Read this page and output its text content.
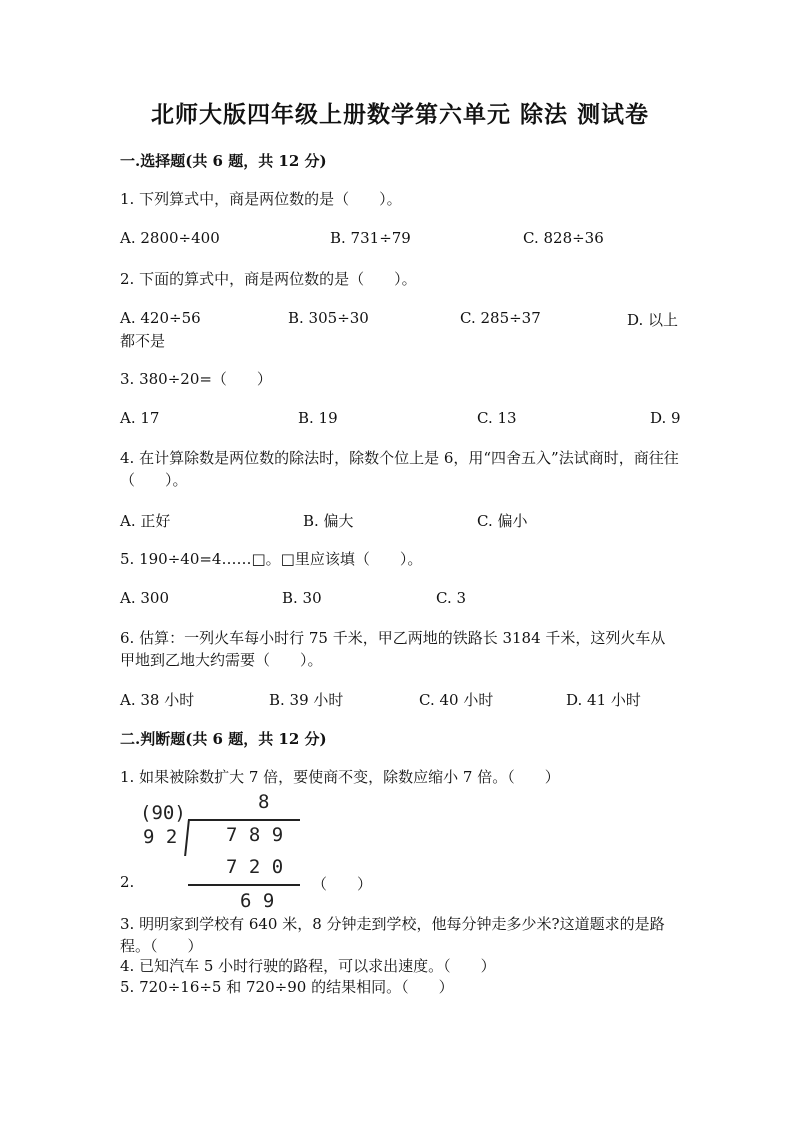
北师大版四年级上册数学第六单元 除法 测试卷
一.选择题(共 6 题，共 12 分)
1. 下列算式中，商是两位数的是（　　）。
A. 2800÷400	B. 731÷79	C. 828÷36
2. 下面的算式中，商是两位数的是（　　）。
A. 420÷56	B. 305÷30	C. 285÷37	D. 以上
都不是
3. 380÷20=（　　）
A. 17	B. 19	C. 13	D. 9
4. 在计算除数是两位数的除法时，除数个位上是 6，用“四舍五入”法试商时，商往往（　　）。
A. 正好	B. 偏大	C. 偏小
5. 190÷40=4……□。□里应该填（　　）。
A. 300	B. 30	C. 3
6. 估算：一列火车每小时行 75 千米，甲乙两地的铁路长 3184 千米，这列火车从甲地到乙地大约需要（　　）。
A. 38 小时	B. 39 小时	C. 40 小时	D. 41 小时
二.判断题(共 6 题，共 12 分)
1. 如果被除数扩大 7 倍，要使商不变，除数应缩小 7 倍。（　　）
(90)	8
9 2	7 8 9
7 2 0
6 9
2.	（　　）
3. 明明家到学校有 640 米，8 分钟走到学校，他每分钟走多少米?这道题求的是路程。（　　）
4. 已知汽车 5 小时行驶的路程，可以求出速度。（　　）
5. 720÷16÷5 和 720÷90 的结果相同。（　　）
